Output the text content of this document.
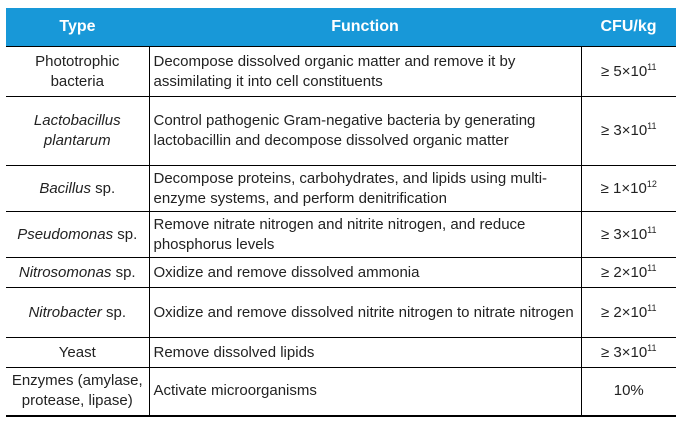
Type	Function	CFU/kg
Phototrophic bacteria	Decompose dissolved organic matter and remove it by assimilating it into cell constituents	≥ $5\times 10^{11}$
Lactobacillus plantarum	Control pathogenic Gram-negative bacteria by generating lactobacillin and decompose dissolved organic matter	≥ $3\times 10^{11}$
Bacillus sp.	Decompose proteins, carbohydrates, and lipids using multi-enzyme systems, and perform denitrification	≥ $1\times 10^{12}$
Pseudomonas sp.	Remove nitrate nitrogen and nitrite nitrogen, and reduce phosphorus levels	≥ $3\times 10^{11}$
Nitrosomonas sp.	Oxidize and remove dissolved ammonia	≥ $2\times 10^{11}$
Nitrobacter sp.	Oxidize and remove dissolved nitrite nitrogen to nitrate nitrogen	≥ $2\times 10^{11}$
Yeast	Remove dissolved lipids	≥ $3\times 10^{11}$
Enzymes (amylase, protease, lipase)	Activate microorganisms	10%
